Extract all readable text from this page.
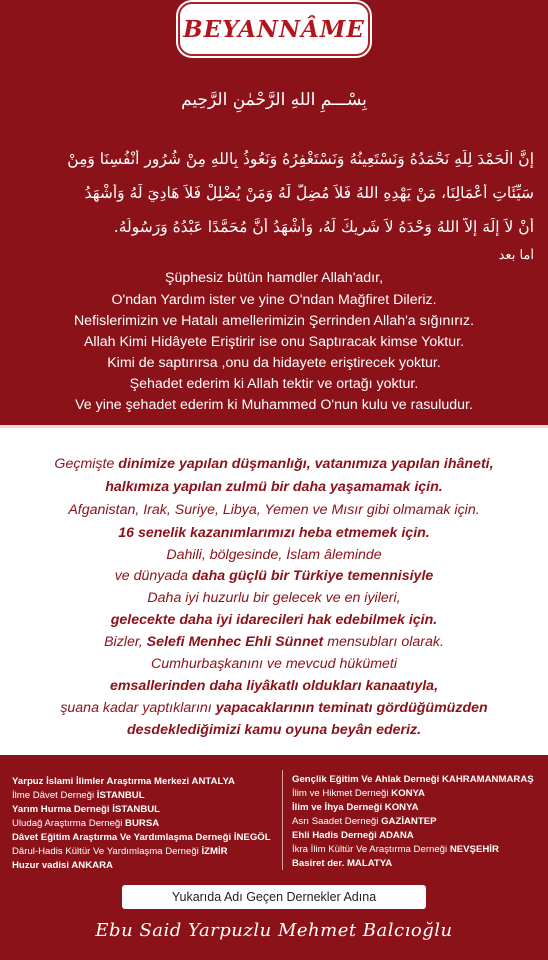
BEYANNÂME
بِسْـــمِ اللهِ الرَّحْمٰنِ الرَّحِيم
إِنَّ الْحَمْدَ لِلَّهِ نَحْمَدُهُ وَنَسْتَعِينُهُ وَنَسْتَغْفِرُهُ وَنَعُوذُ بِاللهِ مِنْ شُرُورِ أَنْفُسِنَا وَمِنْ
سَيِّئَاتِ أَعْمَالِنَا، مَنْ يَهْدِهِ اللهُ فَلاَ مُضِلَّ لَهُ وَمَنْ يُضْلِلْ فَلاَ هَادِيَ لَهُ وَأَشْهَدُ
أَنْ لاَ إِلَهَ إِلاَّ اللهُ وَحْدَهُ لاَ شَرِيكَ لَهُ، وَأَشْهَدُ أَنَّ مُحَمَّدًا عَبْدُهُ وَرَسُولُهُ.
أما بعد
Şüphesiz bütün hamdler Allah'adır,
O'ndan Yardım ister ve yine O'ndan Mağfiret Dileriz.
Nefislerimizin ve Hatalı amellerimizin Şerrinden Allah'a sığınırız.
Allah Kimi Hidâyete Eriştirir ise onu Saptıracak kimse Yoktur.
Kimi de saptırırsa ,onu da hidayete eriştirecek yoktur.
Şehadet ederim ki Allah tektir ve ortağı yoktur.
Ve yine şehadet ederim ki Muhammed O'nun kulu ve rasuludur.
Geçmişte dinimize yapılan düşmanlığı, vatanımıza yapılan ihâneti,
halkımıza yapılan zulmü bir daha yaşamamak için.
Afganistan, Irak, Suriye, Libya, Yemen ve Mısır gibi olmamak için.
16 senelik kazanımlarımızı heba etmemek için.
Dahili, bölgesinde, İslam âleminde
ve dünyada daha güçlü bir Türkiye temennisiyle
Daha iyi huzurlu bir gelecek ve en iyileri,
gelecekte daha iyi idarecileri hak edebilmek için.
Bizler, Selefi Menhec Ehli Sünnet mensubları olarak.
Cumhurbaşkanını ve mevcud hükümeti
emsallerinden daha liyâkatlı oldukları kanaatıyla,
şuana kadar yaptıklarını yapacaklarının teminatı gördüğümüzden
desdeklediğimizi kamu oyuna beyân ederiz.
Yarpuz İslami İlimler Araştırma Merkezi ANTALYA
İlme Dâvet Derneği İSTANBUL
Yarım Hurma Derneği İSTANBUL
Uludağ Araştırma Derneği BURSA
Dâvet Eğitim Araştırma Ve Yardımlaşma Derneği İNEGÖL
Dârul-Hadis Kültür Ve Yardımlaşma Derneği İZMİR
Huzur vadisi ANKARA
Gençlik Eğitim Ve Ahlak Derneği KAHRAMANMARAŞ
İlim ve Hikmet Derneği KONYA
İlim ve İhya Derneği KONYA
Asrı Saadet Derneği GAZİANTEP
Ehli Hadis Derneği ADANA
İkra İlim Kültür Ve Araştırma Derneği NEVŞEHİR
Basiret der. MALATYA
Yukarıda Adı Geçen Dernekler Adına
Ebu Said Yarpuzlu Mehmet Balcıoğlu
